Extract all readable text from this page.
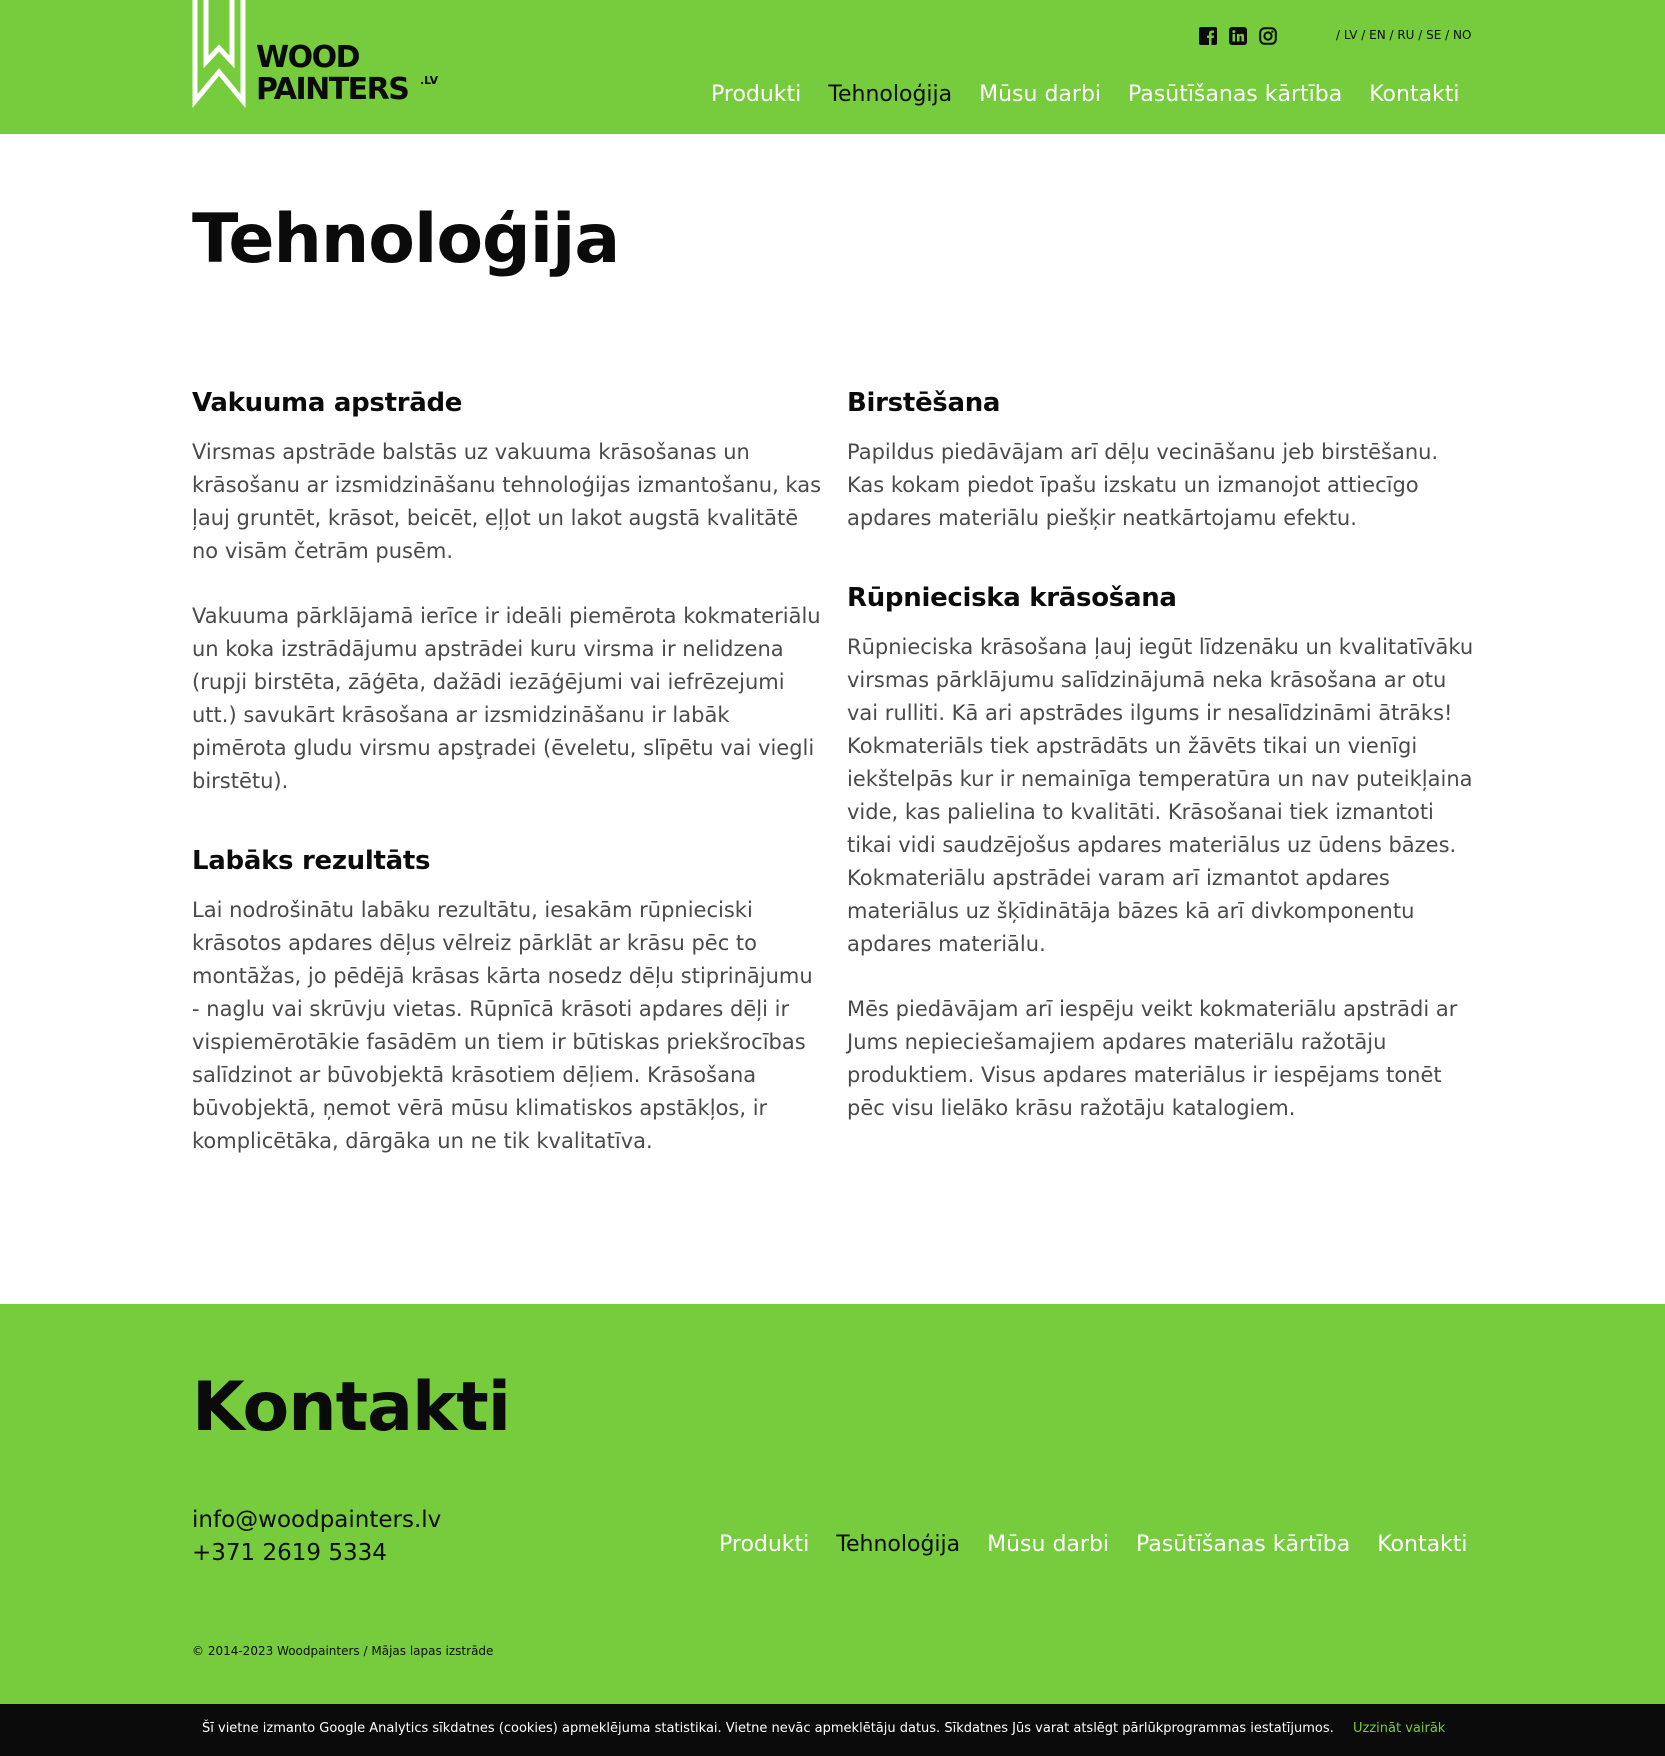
WOOD
PAINTERS .LV
/ LV / EN / RU / SE / NO
Produkti Tehnoloģija Mūsu darbi Pasūtīšanas kārtība Kontakti
Tehnoloģija
Vakuuma apstrāde

Virsmas apstrāde balstās uz vakuuma krāsošanas un krāsošanu ar izsmidzināšanu tehnoloģijas izmantošanu, kas ļauj gruntēt, krāsot, beicēt, eļļot un lakot augstā kvalitātē no visām četrām pusēm.

Vakuuma pārklājamā ierīce ir ideāli piemērota kokmateriālu un koka izstrādājumu apstrādei kuru virsma ir nelidzena (rupji birstēta, zāģēta, dažādi iezāģējumi vai iefrēzejumi utt.) savukārt krāsošana ar izsmidzināšanu ir labāk pimērota gludu virsmu apsţradei (ēveletu, slīpētu vai viegli birstētu).

Labāks rezultāts

Lai nodrošinātu labāku rezultātu, iesakām rūpnieciski krāsotos apdares dēļus vēlreiz pārklāt ar krāsu pēc to montāžas, jo pēdējā krāsas kārta nosedz dēļu stiprinājumu - naglu vai skrūvju vietas. Rūpnīcā krāsoti apdares dēļi ir vispiemērotākie fasādēm un tiem ir būtiskas priekšrocības salīdzinot ar būvobjektā krāsotiem dēļiem. Krāsošana būvobjektā, ņemot vērā mūsu klimatiskos apstākļos, ir komplicētāka, dārgāka un ne tik kvalitatīva.

Birstēšana

Papildus piedāvājam arī dēļu vecināšanu jeb birstēšanu. Kas kokam piedot īpašu izskatu un izmanojot attiecīgo apdares materiālu piešķir neatkārtojamu efektu.

Rūpnieciska krāsošana

Rūpnieciska krāsošana ļauj iegūt līdzenāku un kvalitatīvāku virsmas pārklājumu salīdzinājumā neka krāsošana ar otu vai rulliti. Kā ari apstrādes ilgums ir nesalīdzināmi ātrāks! Kokmateriāls tiek apstrādāts un žāvēts tikai un vienīgi iekštelpās kur ir nemainīga temperatūra un nav puteikļaina vide, kas palielina to kvalitāti. Krāsošanai tiek izmantoti tikai vidi saudzējošus apdares materiālus uz ūdens bāzes. Kokmateriālu apstrādei varam arī izmantot apdares materiālus uz šķīdinātāja bāzes kā arī divkomponentu apdares materiālu.

Mēs piedāvājam arī iespēju veikt kokmateriālu apstrādi ar Jums nepieciešamajiem apdares materiālu ražotāju produktiem. Visus apdares materiālus ir iespējams tonēt pēc visu lielāko krāsu ražotāju katalogiem.

Kontakti
info@woodpainters.lv
+371 2619 5334	Produkti Tehnoloģija Mūsu darbi Pasūtīšanas kārtība Kontakti
© 2014-2023 Woodpainters / Mājas lapas izstrāde
Šī vietne izmanto Google Analytics sīkdatnes (cookies) apmeklējuma statistikai. Vietne nevāc apmeklētāju datus. Sīkdatnes Jūs varat atslēgt pārlūkprogrammas iestatījumos. Uzzināt vairāk
